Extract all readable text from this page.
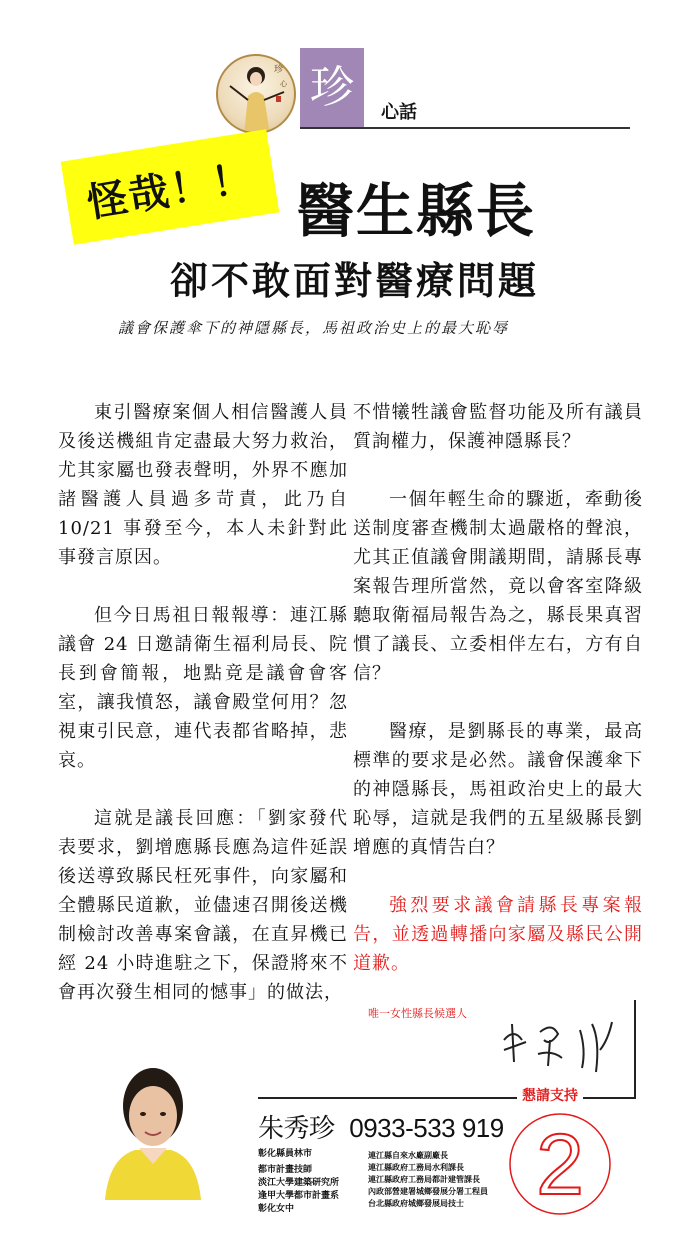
珍
心 珍	心話
怪哉！！ 醫生縣長
卻不敢面對醫療問題
議會保護傘下的神隱縣長，馬祖政治史上的最大恥辱

東引醫療案個人相信醫護人員及後送機組肯定盡最大努力救治，尤其家屬也發表聲明，外界不應加諸醫護人員過多苛責，此乃自10/21 事發至今，本人未針對此事發言原因。

但今日馬祖日報報導：連江縣議會 24 日邀請衛生福利局長、院長到會簡報，地點竟是議會會客室，讓我憤怒，議會殿堂何用？忽視東引民意，連代表都省略掉，悲哀。

這就是議長回應：「劉家發代表要求，劉增應縣長應為這件延誤後送導致縣民枉死事件，向家屬和全體縣民道歉，並儘速召開後送機制檢討改善專案會議，在直昇機已經 24 小時進駐之下，保證將來不會再次發生相同的憾事」的做法，

不惜犧牲議會監督功能及所有議員質詢權力，保護神隱縣長？

一個年輕生命的驟逝，牽動後送制度審查機制太過嚴格的聲浪，尤其正值議會開議期間，請縣長專案報告理所當然，竟以會客室降級聽取衛福局報告為之，縣長果真習慣了議長、立委相伴左右，方有自信？

醫療，是劉縣長的專業，最高標準的要求是必然。議會保護傘下的神隱縣長，馬祖政治史上的最大恥辱，這就是我們的五星級縣長劉增應的真情告白？

強烈要求議會請縣長專案報告，並透過轉播向家屬及縣民公開道歉。

唯一女性縣長候選人
懇請支持
朱秀珍 0933-533 919
彰化縣員林市
都市計畫技師
淡江大學建築研究所
逢甲大學都市計畫系
彰化女中
連江縣自來水廠副廠長
連江縣政府工務局水利課長
連江縣政府工務局都計建管課長
內政部營建署城鄉發展分署工程員
台北縣政府城鄉發展局技士 2
